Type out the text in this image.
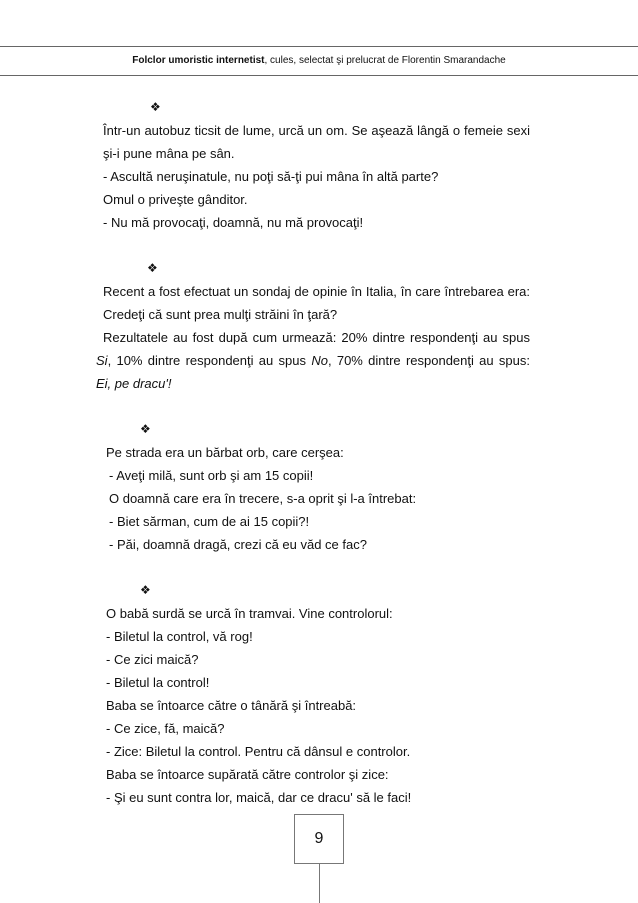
Folclor umoristic internetist, cules, selectat şi prelucrat de Florentin Smarandache
❖

Într-un autobuz ticsit de lume, urcă un om. Se aşează lângă o femeie sexi şi-i pune mâna pe sân.

- Ascultă neruşinatule, nu poţi să-ţi pui mâna în altă parte?

Omul o priveşte gânditor.

- Nu mă provocaţi, doamnă, nu mă provocaţi!

❖

Recent a fost efectuat un sondaj de opinie în Italia, în care întrebarea era: Credeţi că sunt prea mulţi străini în ţară?

Rezultatele au fost după cum urmează: 20% dintre respondenţi au spus Si, 10% dintre respondenţi au spus No, 70% dintre respondenţi au spus: Ei, pe dracu'!

❖

Pe strada era un bărbat orb, care cerşea:

- Aveţi milă, sunt orb şi am 15 copii!

O doamnă care era în trecere, s-a oprit şi l-a întrebat:

- Biet sărman, cum de ai 15 copii?!

- Păi, doamnă dragă, crezi că eu văd ce fac?

❖

O babă surdă se urcă în tramvai. Vine controlorul:

- Biletul la control, vă rog!

- Ce zici maică?

- Biletul la control!

Baba se întoarce către o tânără şi întreabă:

- Ce zice, fă, maică?

- Zice: Biletul la control. Pentru că dânsul e controlor.

Baba se întoarce supărată către controlor şi zice:

- Şi eu sunt contra lor, maică, dar ce dracu' să le faci!

9
